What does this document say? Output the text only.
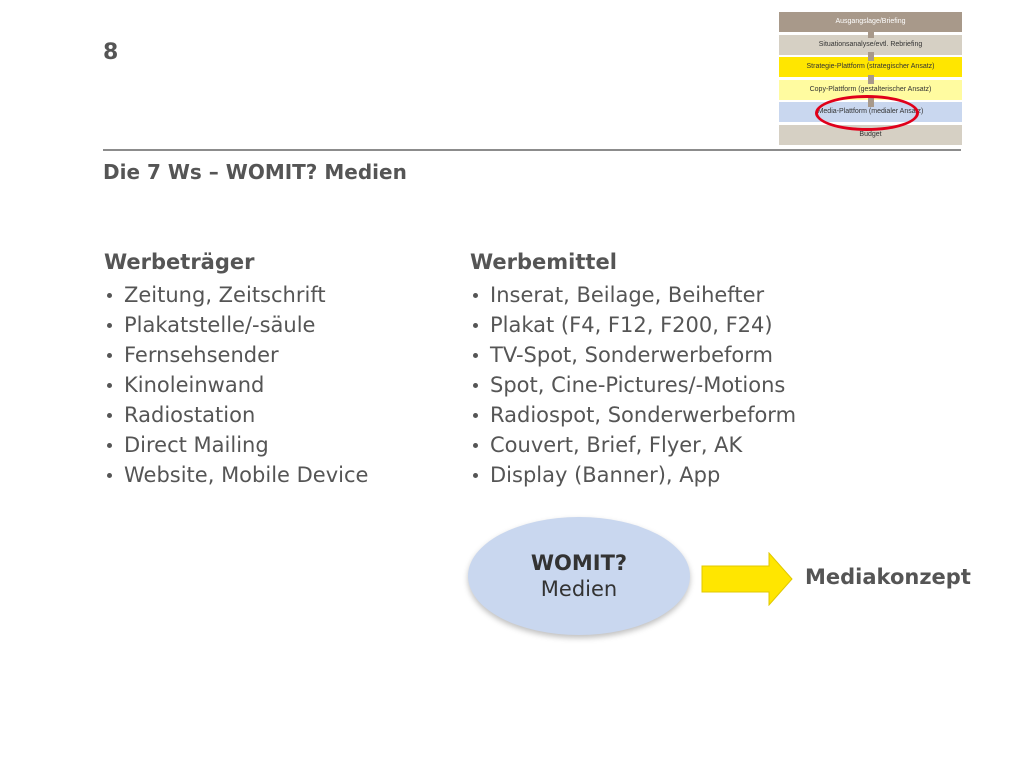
8
Ausgangslage/Briefing
Situationsanalyse/evtl. Rebriefing
Strategie-Plattform (strategischer Ansatz)
Copy-Plattform (gestalterischer Ansatz)
Media-Plattform (medialer Ansatz)
Budget
Die 7 Ws – WOMIT? Medien
Werbeträger
Zeitung, Zeitschrift
Plakatstelle/-säule
Fernsehsender
Kinoleinwand
Radiostation
Direct Mailing
Website, Mobile Device
Werbemittel
Inserat, Beilage, Beihefter
Plakat (F4, F12, F200, F24)
TV-Spot, Sonderwerbeform
Spot, Cine-Pictures/-Motions
Radiospot, Sonderwerbeform
Couvert, Brief, Flyer, AK
Display (Banner), App
WOMIT?
Medien	Mediakonzept
